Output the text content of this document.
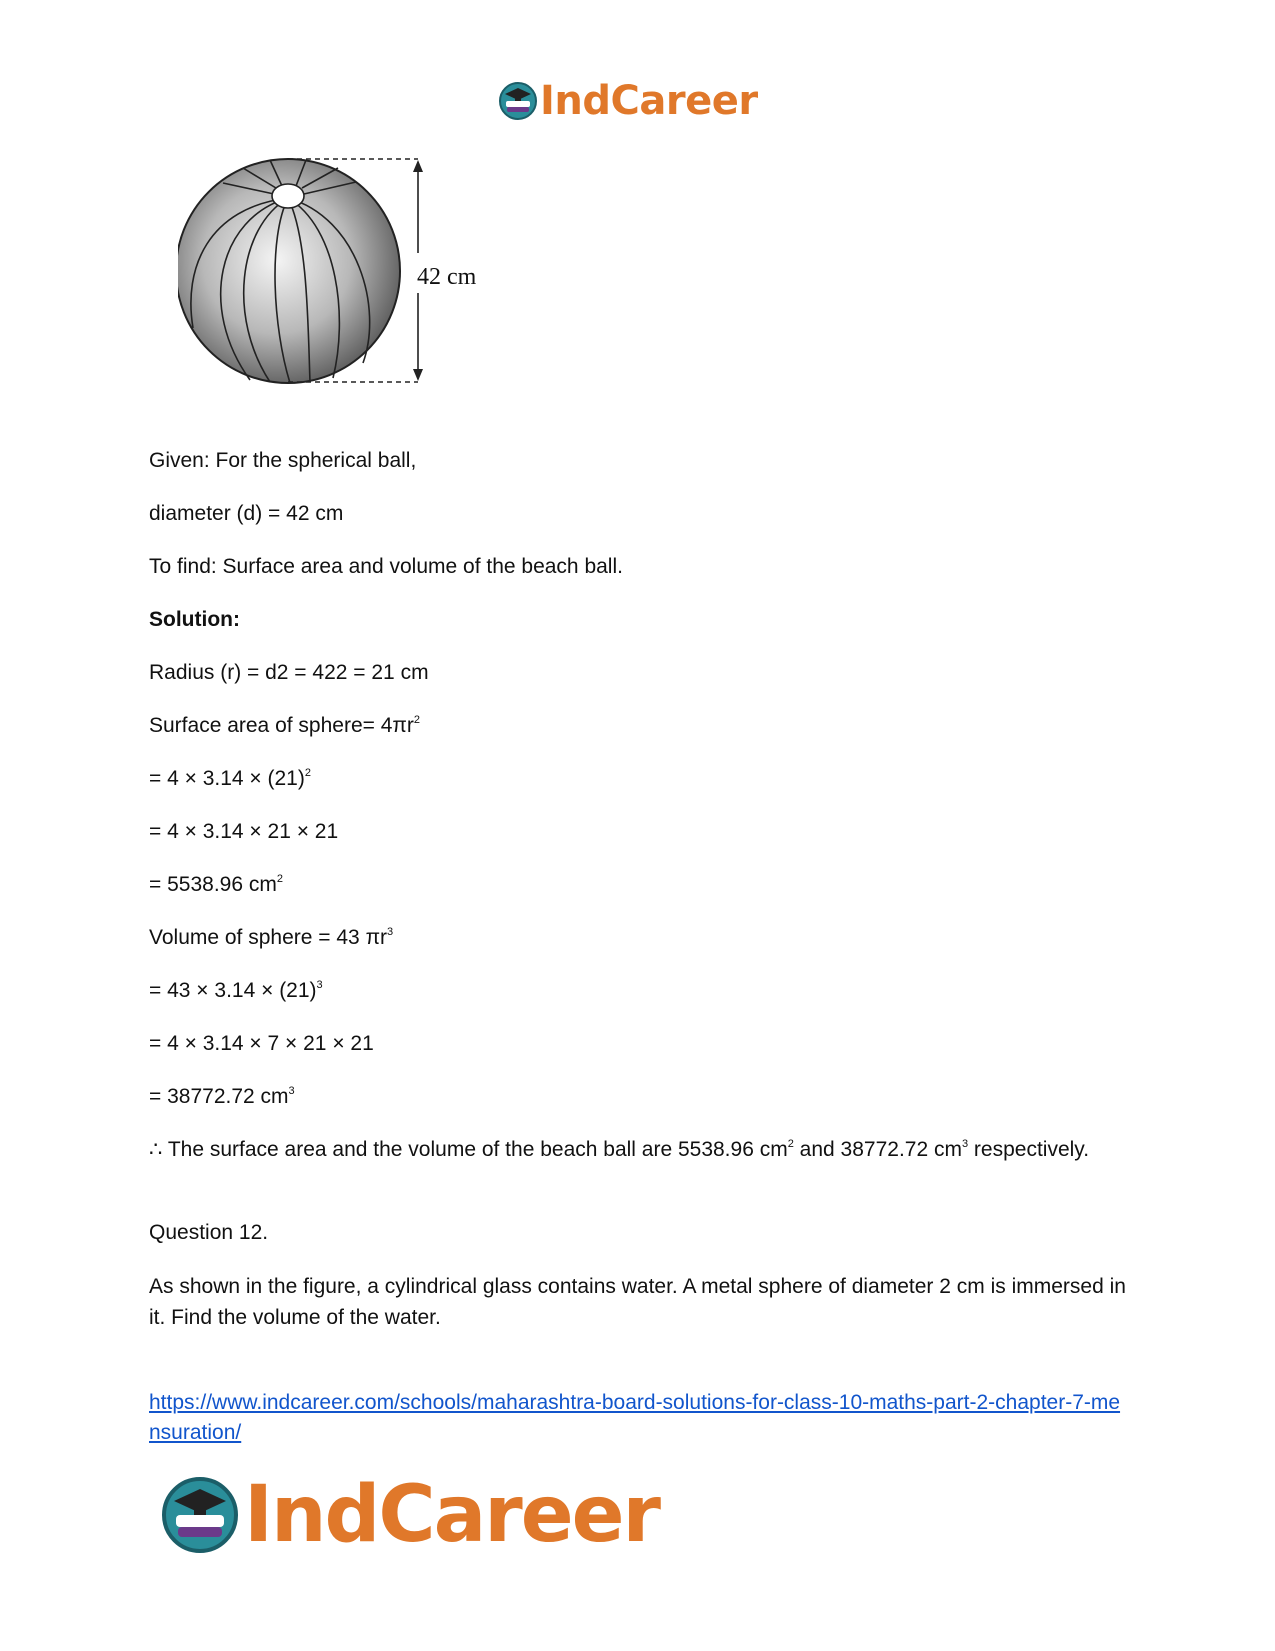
IndCareer
42 cm
Given: For the spherical ball,
diameter (d) = 42 cm
To find: Surface area and volume of the beach ball.
Solution:
Radius (r) = d2 = 422 = 21 cm
Surface area of sphere= $4\pi r^2$
= $4 \times 3.14 \times (21)^2$
= 4 × 3.14 × 21 × 21
= 5538.96 $cm^2$
Volume of sphere = 43 $\pi r^3$
= $43 \times 3.14 \times (21)^3$
= 4 × 3.14 × 7 × 21 × 21
= 38772.72 $cm^3$
∴ The surface area and the volume of the beach ball are 5538.96 $cm^2$ and 38772.72 $cm^3$ respectively.
Question 12.
As shown in the figure, a cylindrical glass contains water. A metal sphere of diameter 2 cm is immersed in it. Find the volume of the water.
https://www.indcareer.com/schools/maharashtra-board-solutions-for-class-10-maths-part-2-chapter-7-mensuration/
IndCareer
